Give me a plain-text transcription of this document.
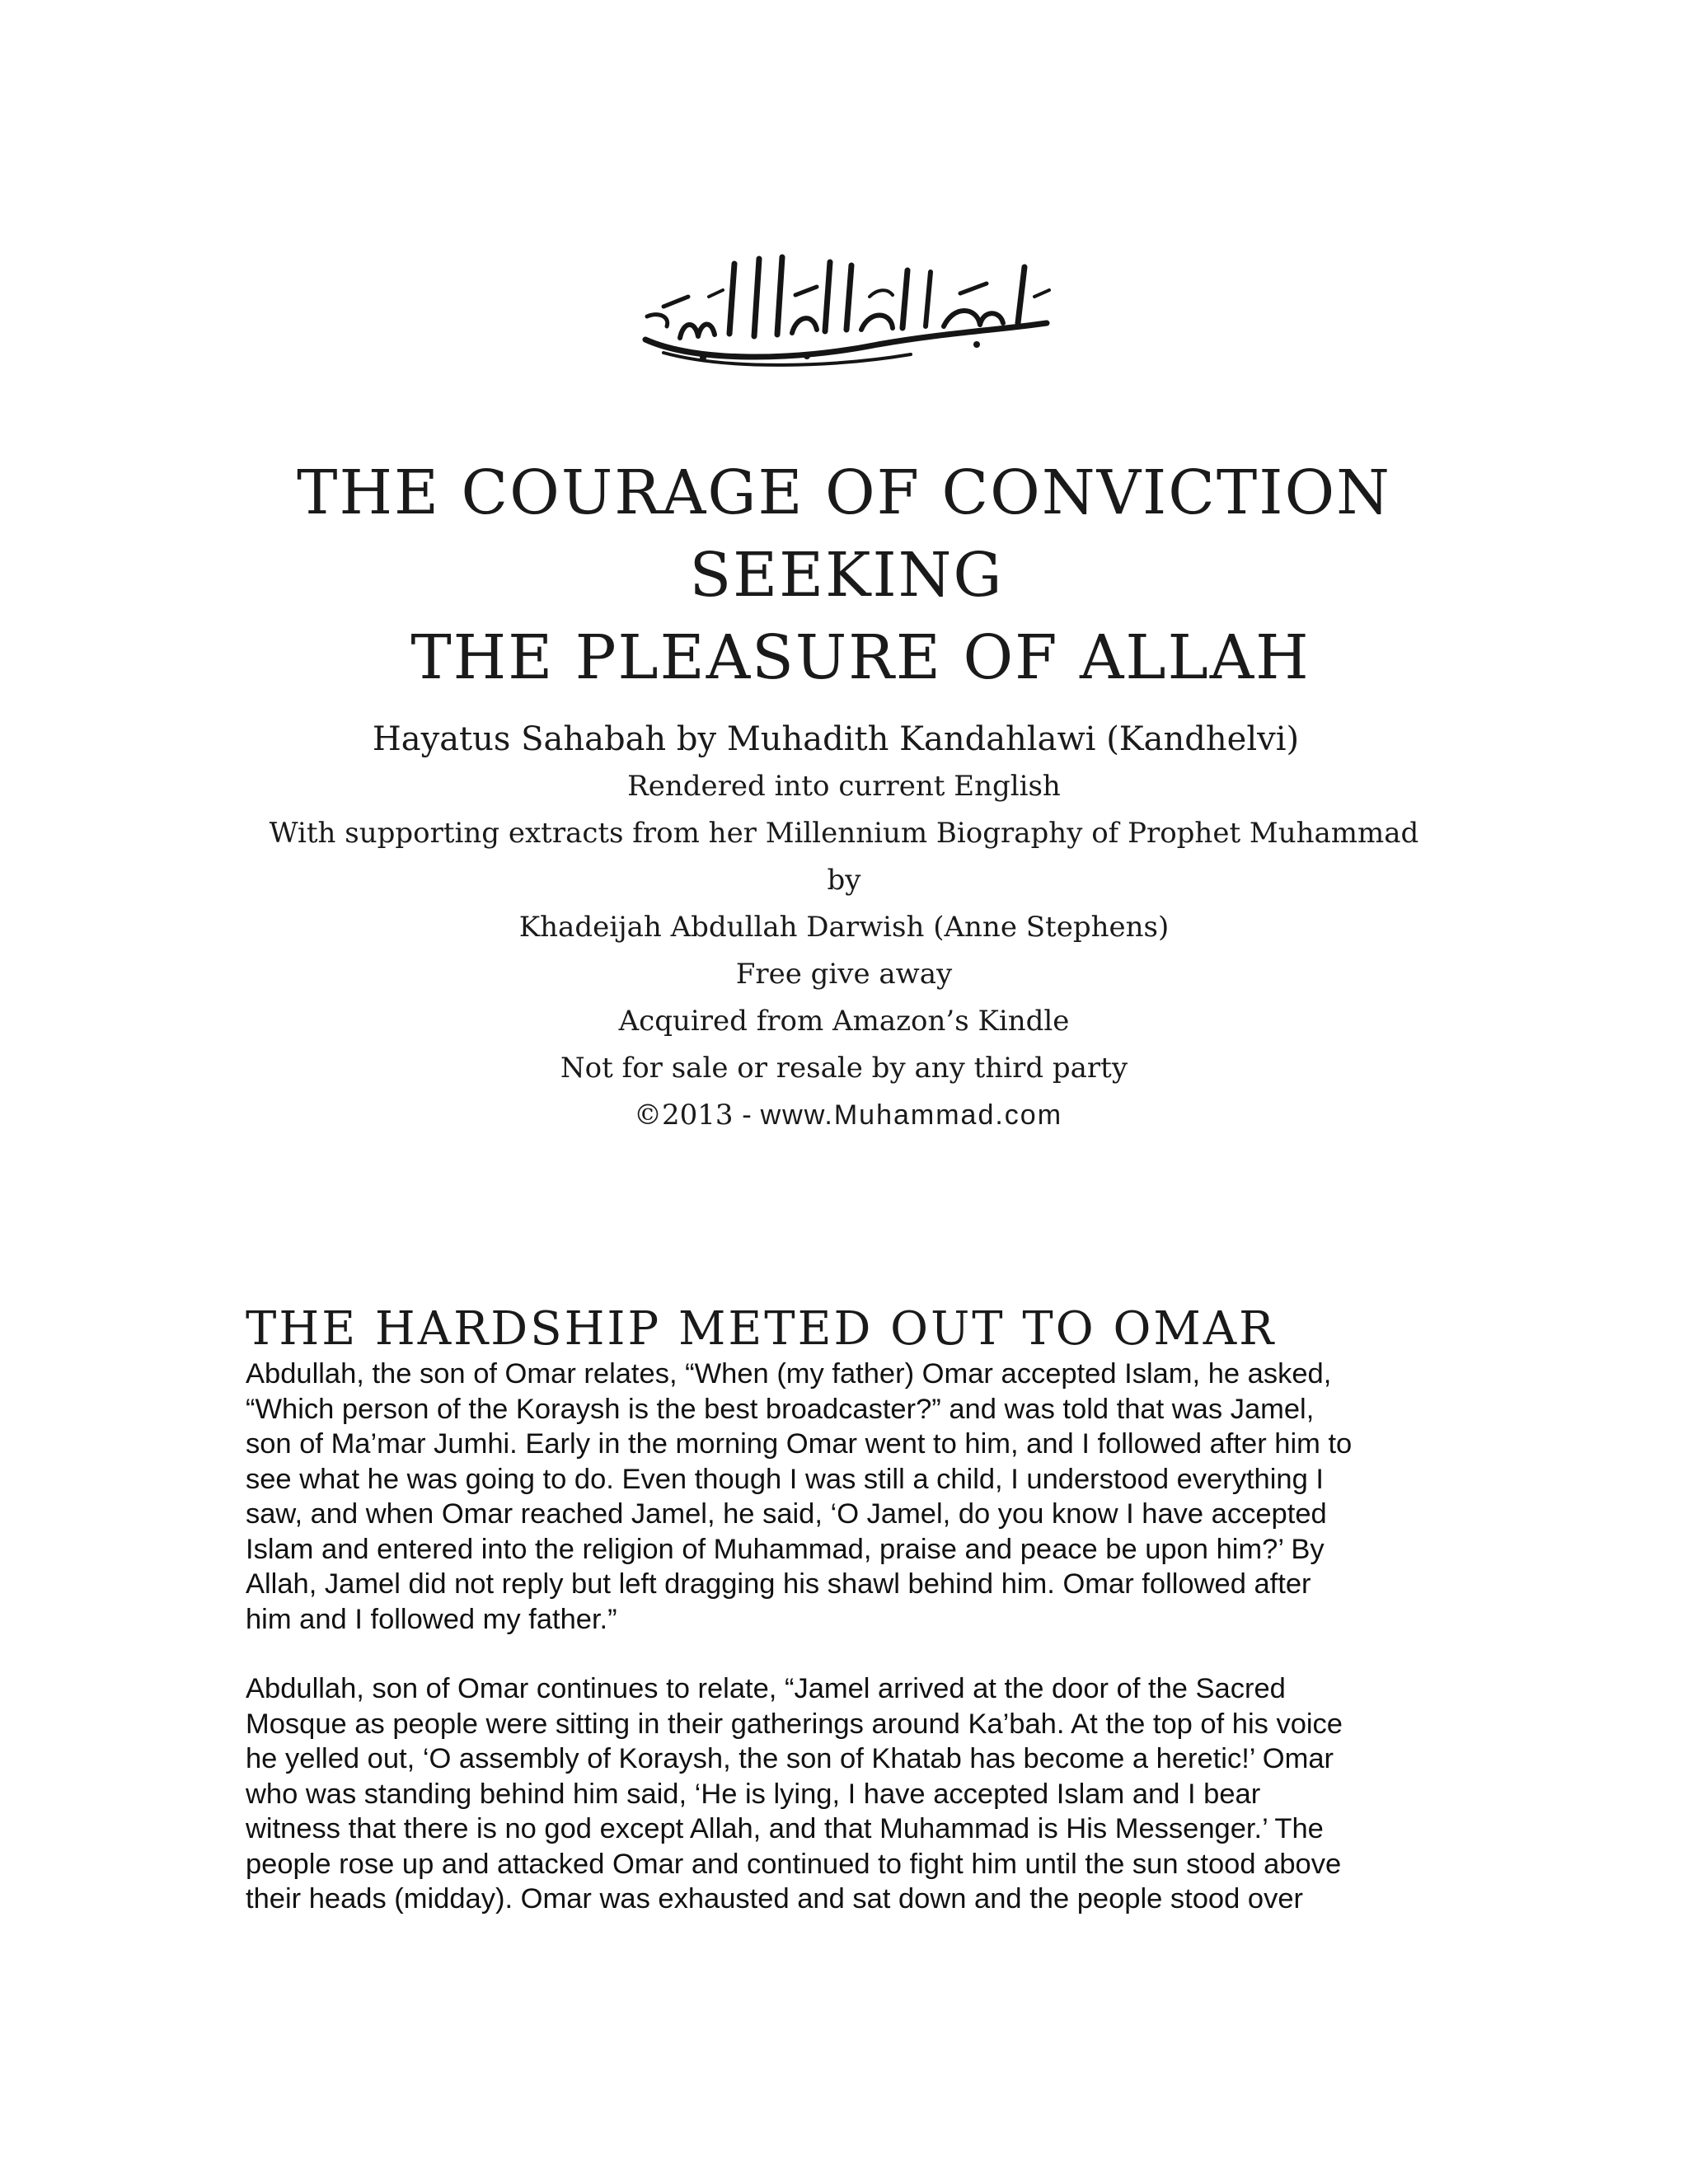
THE COURAGE OF CONVICTION
SEEKING
THE PLEASURE OF ALLAH

Hayatus Sahabah by Muhadith Kandahlawi (Kandhelvi)

Rendered into current English

With supporting extracts from her Millennium Biography of Prophet Muhammad

by

Khadeijah Abdullah Darwish (Anne Stephens)

Free give away

Acquired from Amazon’s Kindle

Not for sale or resale by any third party

©2013 - www.Muhammad.com

THE HARDSHIP METED OUT TO OMAR

Abdullah, the son of Omar relates, “When (my father) Omar accepted Islam, he asked,
“Which person of the Koraysh is the best broadcaster?” and was told that was Jamel,
son of Ma’mar Jumhi. Early in the morning Omar went to him, and I followed after him to
see what he was going to do. Even though I was still a child, I understood everything I
saw, and when Omar reached Jamel, he said, ‘O Jamel, do you know I have accepted
Islam and entered into the religion of Muhammad, praise and peace be upon him?’ By
Allah, Jamel did not reply but left dragging his shawl behind him. Omar followed after
him and I followed my father.”

Abdullah, son of Omar continues to relate, “Jamel arrived at the door of the Sacred
Mosque as people were sitting in their gatherings around Ka’bah. At the top of his voice
he yelled out, ‘O assembly of Koraysh, the son of Khatab has become a heretic!’ Omar
who was standing behind him said, ‘He is lying, I have accepted Islam and I bear
witness that there is no god except Allah, and that Muhammad is His Messenger.’ The
people rose up and attacked Omar and continued to fight him until the sun stood above
their heads (midday). Omar was exhausted and sat down and the people stood over
